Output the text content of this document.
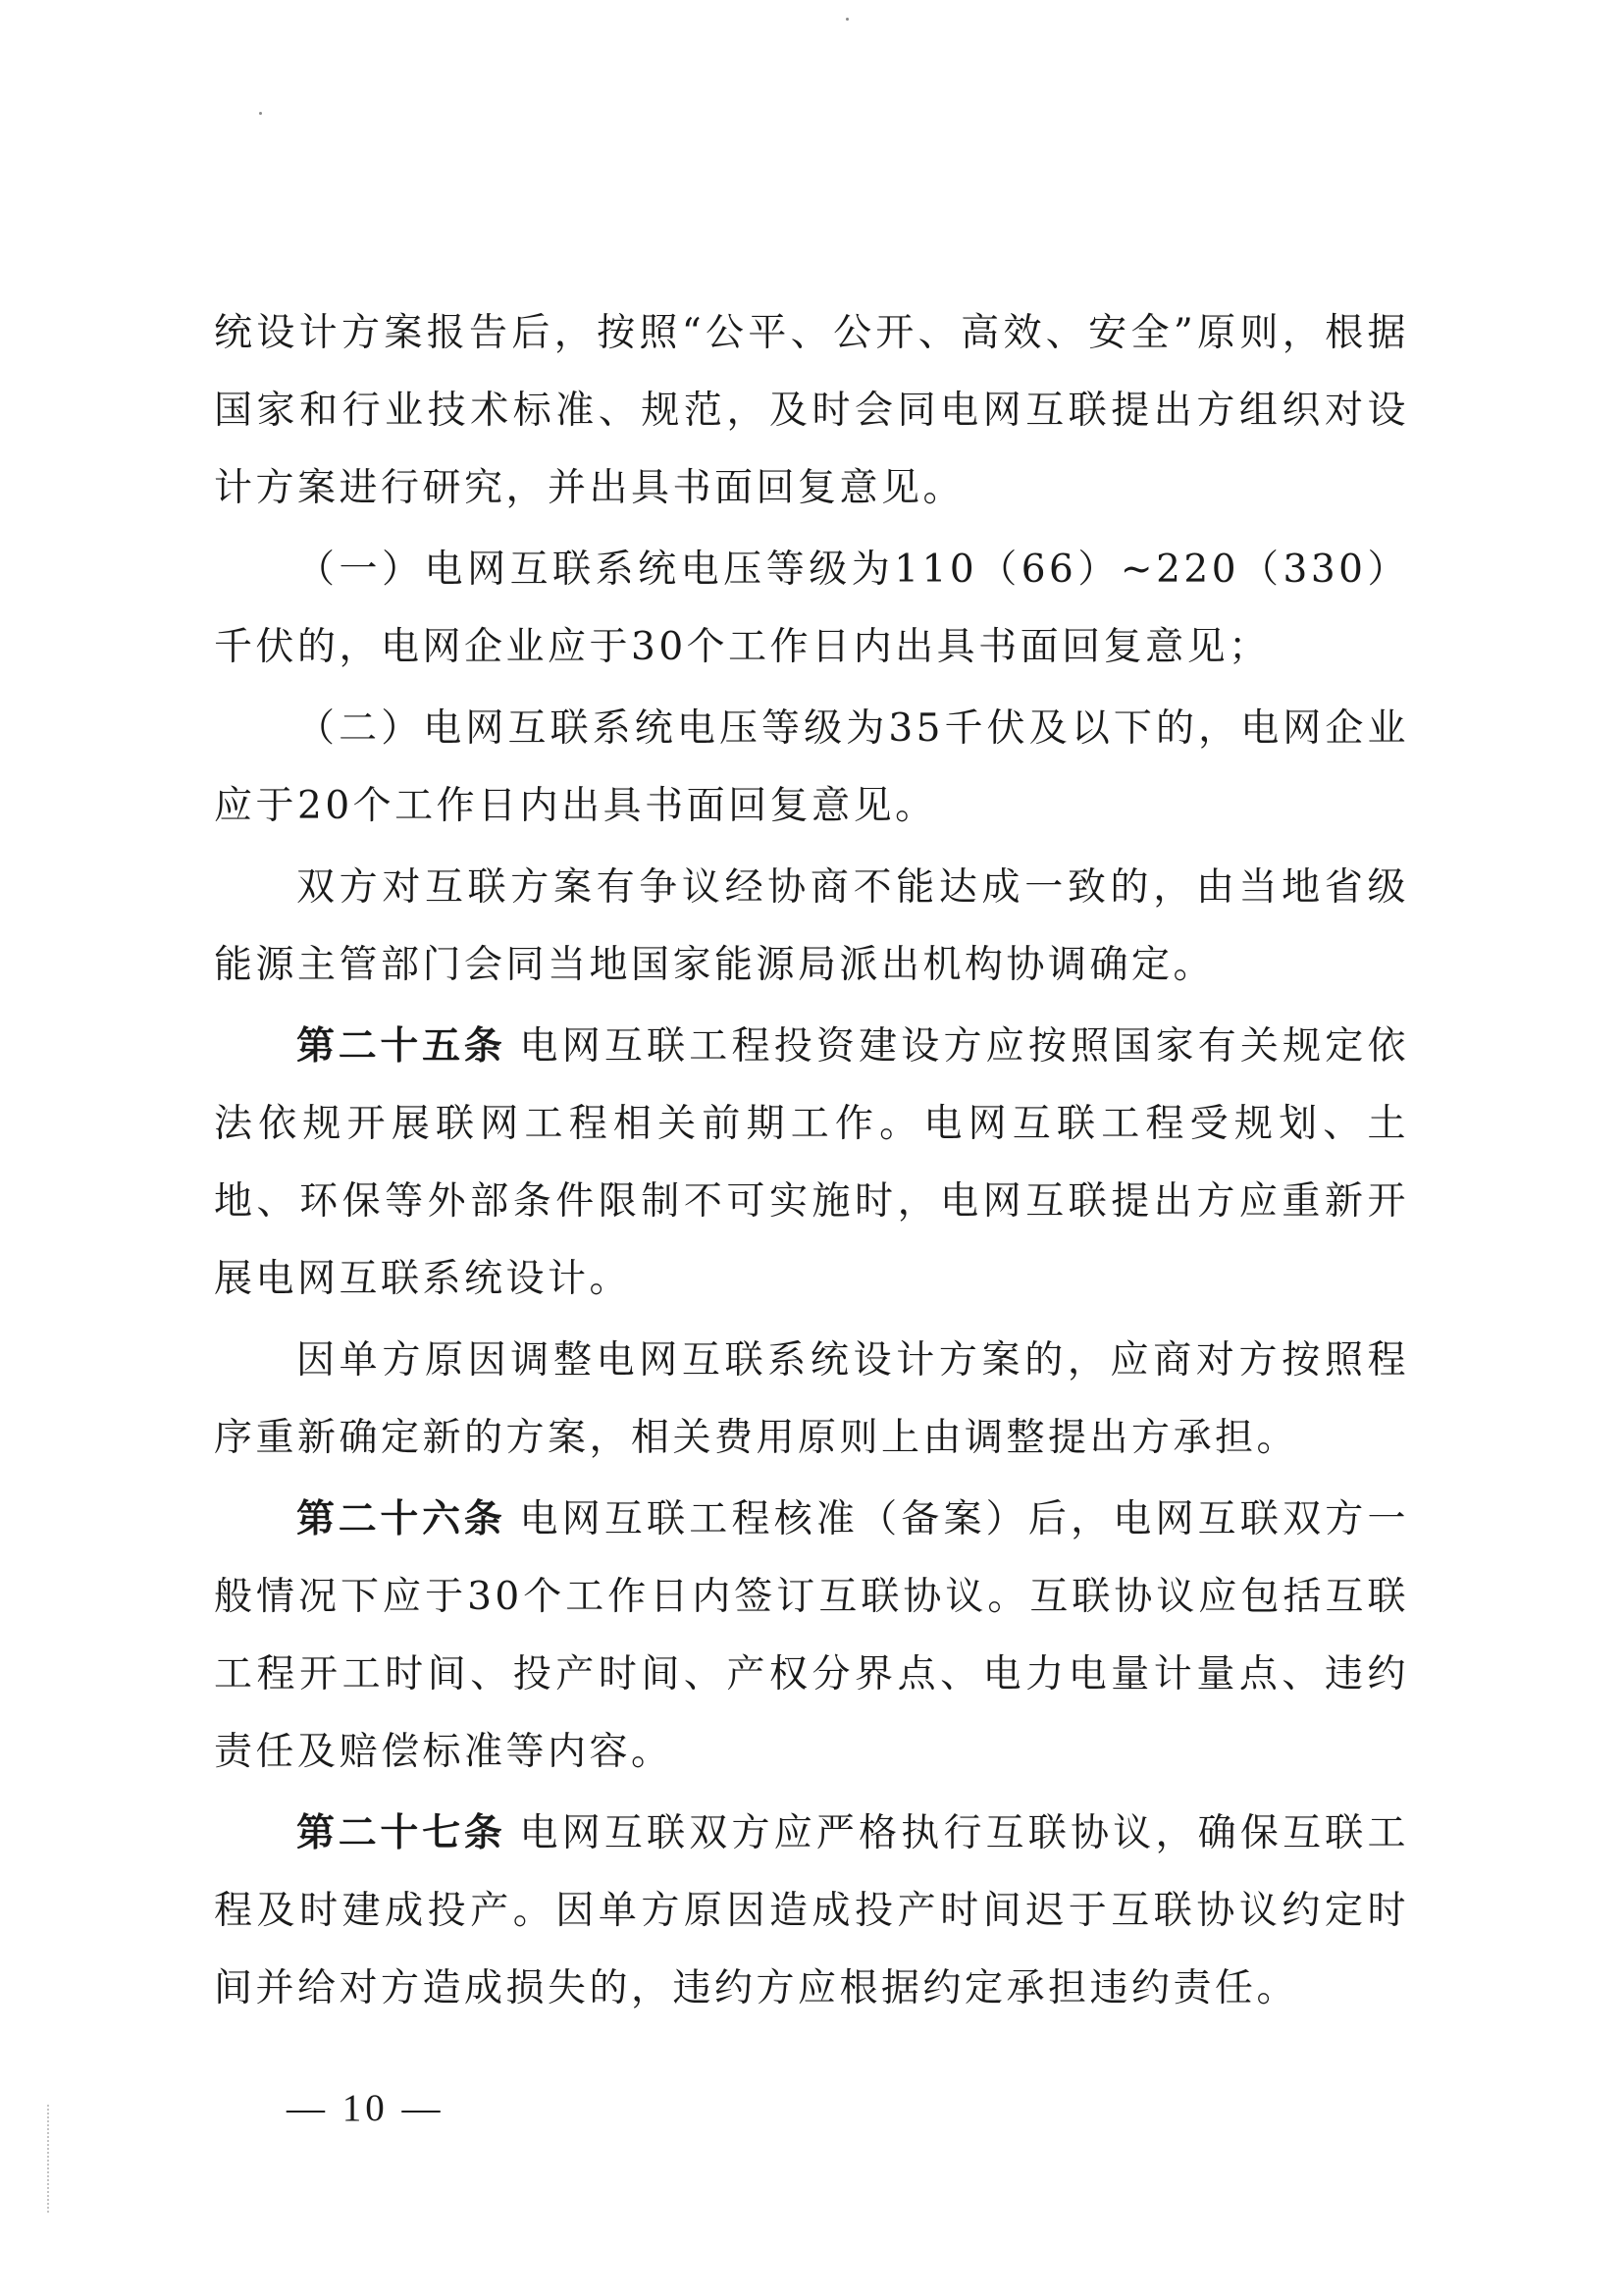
统设计方案报告后，按照“公平、公开、高效、安全”原则，根据国家和行业技术标准、规范，及时会同电网互联提出方组织对设计方案进行研究，并出具书面回复意见。

（一）电网互联系统电压等级为110（66）~220（330）千伏的，电网企业应于30个工作日内出具书面回复意见；

（二）电网互联系统电压等级为35千伏及以下的，电网企业应于20个工作日内出具书面回复意见。

双方对互联方案有争议经协商不能达成一致的，由当地省级能源主管部门会同当地国家能源局派出机构协调确定。

第二十五条 电网互联工程投资建设方应按照国家有关规定依法依规开展联网工程相关前期工作。电网互联工程受规划、土地、环保等外部条件限制不可实施时，电网互联提出方应重新开展电网互联系统设计。

因单方原因调整电网互联系统设计方案的，应商对方按照程序重新确定新的方案，相关费用原则上由调整提出方承担。

第二十六条 电网互联工程核准（备案）后，电网互联双方一般情况下应于30个工作日内签订互联协议。互联协议应包括互联工程开工时间、投产时间、产权分界点、电力电量计量点、违约责任及赔偿标准等内容。

第二十七条 电网互联双方应严格执行互联协议，确保互联工程及时建成投产。因单方原因造成投产时间迟于互联协议约定时间并给对方造成损失的，违约方应根据约定承担违约责任。

— 10 —
